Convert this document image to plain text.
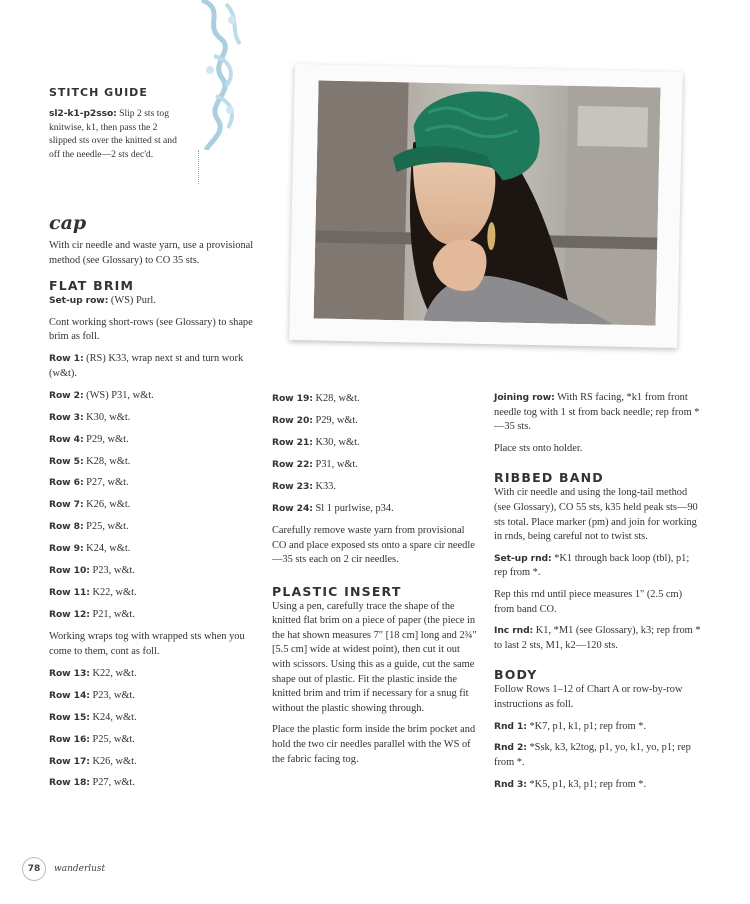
STITCH GUIDE
sl2-k1-p2sso: Slip 2 sts tog knitwise, k1, then pass the 2 slipped sts over the knitted st and off the needle—2 sts dec'd.
cap

With cir needle and waste yarn, use a provisional method (see Glossary) to CO 35 sts.

FLAT BRIM

Set-up row: (WS) Purl.

Cont working short-rows (see Glossary) to shape brim as foll.

Row 1: (RS) K33, wrap next st and turn work (w&t).

Row 2: (WS) P31, w&t.

Row 3: K30, w&t.

Row 4: P29, w&t.

Row 5: K28, w&t.

Row 6: P27, w&t.

Row 7: K26, w&t.

Row 8: P25, w&t.

Row 9: K24, w&t.

Row 10: P23, w&t.

Row 11: K22, w&t.

Row 12: P21, w&t.

Working wraps tog with wrapped sts when you come to them, cont as foll.

Row 13: K22, w&t.

Row 14: P23, w&t.

Row 15: K24, w&t.

Row 16: P25, w&t.

Row 17: K26, w&t.

Row 18: P27, w&t.

Row 19: K28, w&t.

Row 20: P29, w&t.

Row 21: K30, w&t.

Row 22: P31, w&t.

Row 23: K33.

Row 24: Sl 1 purlwise, p34.

Carefully remove waste yarn from provisional CO and place exposed sts onto a spare cir needle—35 sts each on 2 cir needles.

PLASTIC INSERT

Using a pen, carefully trace the shape of the knitted flat brim on a piece of paper (the piece in the hat shown measures 7" [18 cm] long and 2¾" [5.5 cm] wide at widest point), then cut it out with scissors. Using this as a guide, cut the same shape out of plastic. Fit the plastic inside the knitted brim and trim if necessary for a snug fit without the plastic showing through.

Place the plastic form inside the brim pocket and hold the two cir needles parallel with the WS of the fabric facing tog.

Joining row: With RS facing, *k1 from front needle tog with 1 st from back needle; rep from *—35 sts.

Place sts onto holder.

RIBBED BAND

With cir needle and using the long-tail method (see Glossary), CO 55 sts, k35 held peak sts—90 sts total. Place marker (pm) and join for working in rnds, being careful not to twist sts.

Set-up rnd: *K1 through back loop (tbl), p1; rep from *.

Rep this rnd until piece measures 1" (2.5 cm) from band CO.

Inc rnd: K1, *M1 (see Glossary), k3; rep from * to last 2 sts, M1, k2—120 sts.

BODY

Follow Rows 1–12 of Chart A or row-by-row instructions as foll.

Rnd 1: *K7, p1, k1, p1; rep from *.

Rnd 2: *Ssk, k3, k2tog, p1, yo, k1, yo, p1; rep from *.

Rnd 3: *K5, p1, k3, p1; rep from *.

78	wanderlust
